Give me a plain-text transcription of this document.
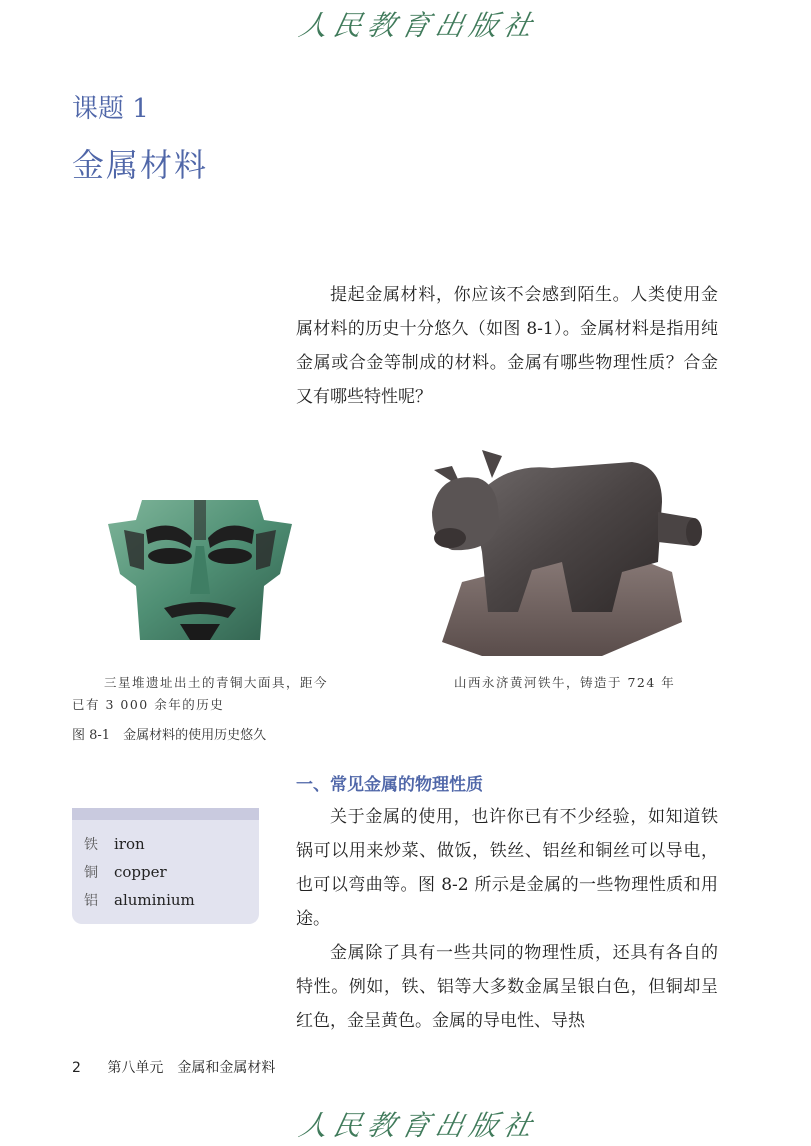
人民教育出版社
课题 1
金属材料

提起金属材料，你应该不会感到陌生。人类使用金属材料的历史十分悠久（如图 8-1）。金属材料是指用纯金属或合金等制成的材料。金属有哪些物理性质？合金又有哪些特性呢？

三星堆遗址出土的青铜大面具，距今
已有 3 000 余年的历史
山西永济黄河铁牛，铸造于 724 年
图 8-1　金属材料的使用历史悠久
一、常见金属的物理性质

关于金属的使用，也许你已有不少经验，如知道铁锅可以用来炒菜、做饭，铁丝、铝丝和铜丝可以导电，也可以弯曲等。图 8-2 所示是金属的一些物理性质和用途。

金属除了具有一些共同的物理性质，还具有各自的特性。例如，铁、铝等大多数金属呈银白色，但铜却呈红色，金呈黄色。金属的导电性、导热

铁	iron
铜	copper
铝	aluminium
2 第八单元　金属和金属材料
人民教育出版社
